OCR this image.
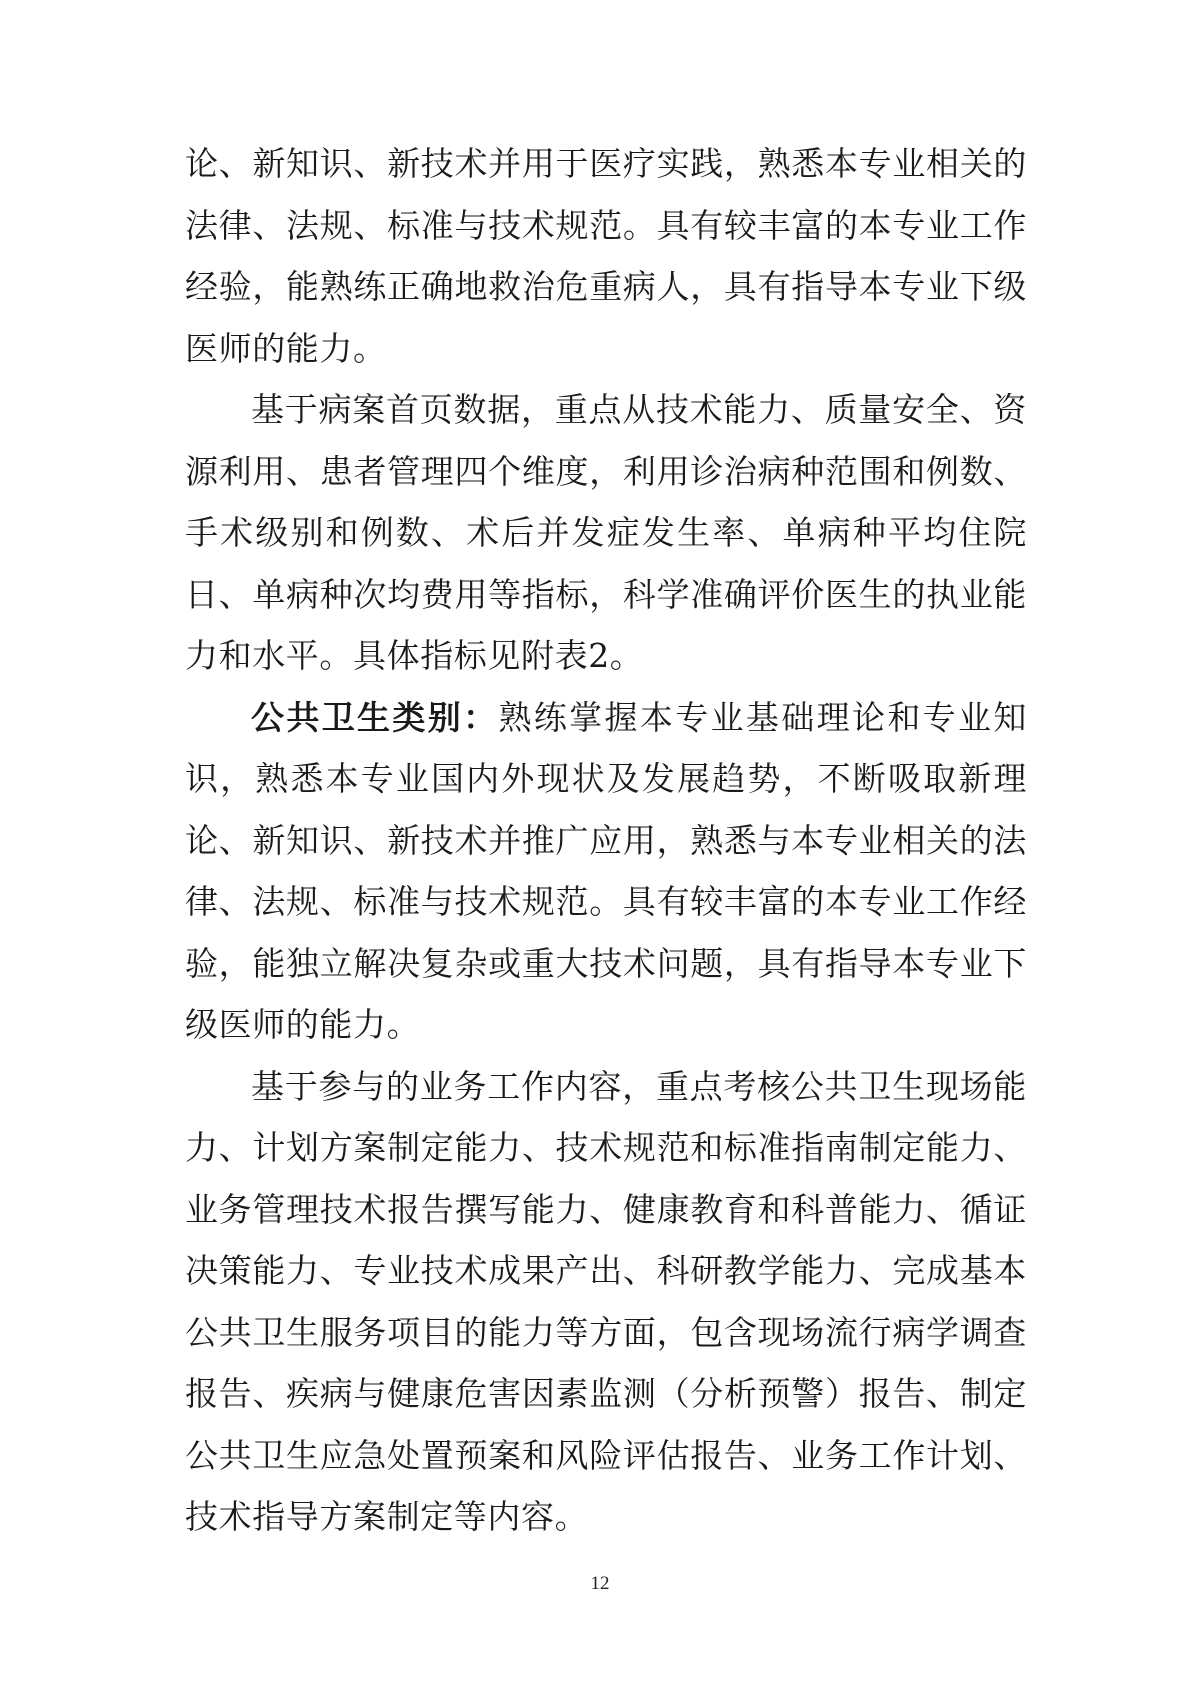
论、新知识、新技术并用于医疗实践，熟悉本专业相关的法律、法规、标准与技术规范。具有较丰富的本专业工作经验，能熟练正确地救治危重病人，具有指导本专业下级医师的能力。

基于病案首页数据，重点从技术能力、质量安全、资源利用、患者管理四个维度，利用诊治病种范围和例数、手术级别和例数、术后并发症发生率、单病种平均住院日、单病种次均费用等指标，科学准确评价医生的执业能力和水平。具体指标见附表2。

公共卫生类别：熟练掌握本专业基础理论和专业知识，熟悉本专业国内外现状及发展趋势，不断吸取新理论、新知识、新技术并推广应用，熟悉与本专业相关的法律、法规、标准与技术规范。具有较丰富的本专业工作经验，能独立解决复杂或重大技术问题，具有指导本专业下级医师的能力。

基于参与的业务工作内容，重点考核公共卫生现场能力、计划方案制定能力、技术规范和标准指南制定能力、业务管理技术报告撰写能力、健康教育和科普能力、循证决策能力、专业技术成果产出、科研教学能力、完成基本公共卫生服务项目的能力等方面，包含现场流行病学调查报告、疾病与健康危害因素监测（分析预警）报告、制定公共卫生应急处置预案和风险评估报告、业务工作计划、技术指导方案制定等内容。

12
